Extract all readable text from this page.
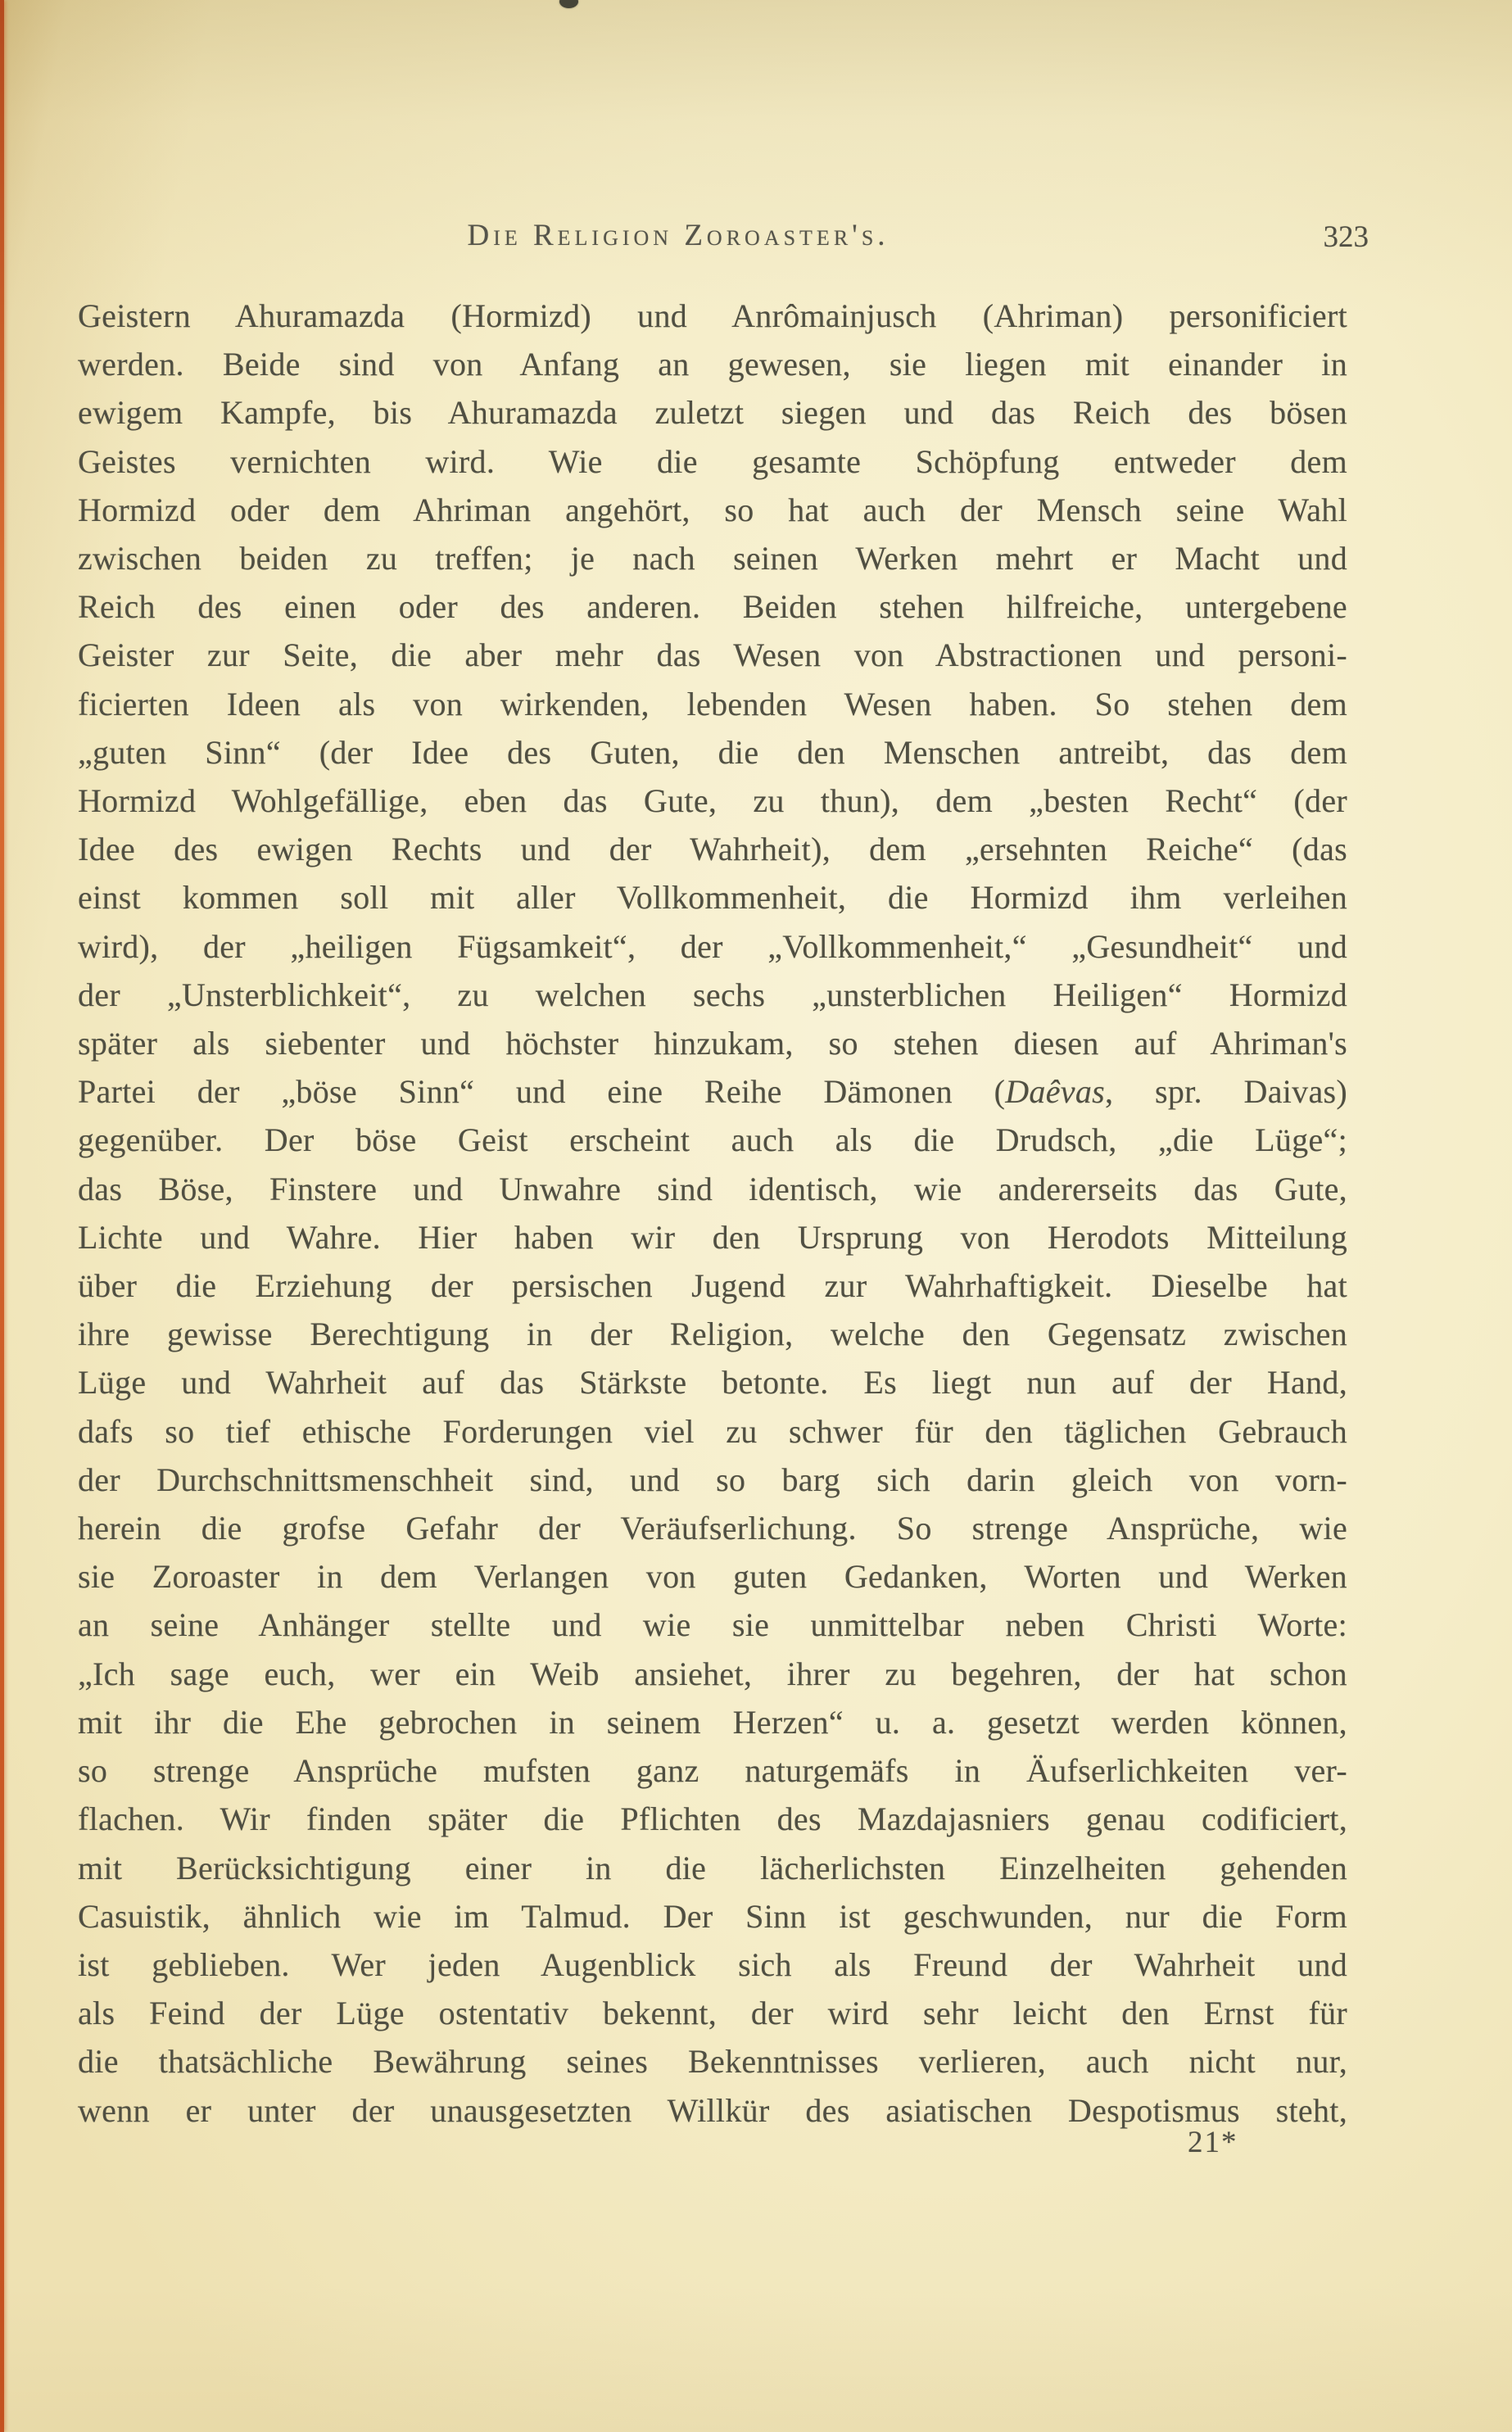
Die Religion Zoroaster's.	323
Geistern Ahuramazda (Hormizd) und Anrômainjusch (Ahriman) personificiert
werden. Beide sind von Anfang an gewesen, sie liegen mit einander in
ewigem Kampfe, bis Ahuramazda zuletzt siegen und das Reich des bösen
Geistes vernichten wird. Wie die gesamte Schöpfung entweder dem
Hormizd oder dem Ahriman angehört, so hat auch der Mensch seine Wahl
zwischen beiden zu treffen; je nach seinen Werken mehrt er Macht und
Reich des einen oder des anderen. Beiden stehen hilfreiche, untergebene
Geister zur Seite, die aber mehr das Wesen von Abstractionen und personi-
ficierten Ideen als von wirkenden, lebenden Wesen haben. So stehen dem
„guten Sinn“ (der Idee des Guten, die den Menschen antreibt, das dem
Hormizd Wohlgefällige, eben das Gute, zu thun), dem „besten Recht“ (der
Idee des ewigen Rechts und der Wahrheit), dem „ersehnten Reiche“ (das
einst kommen soll mit aller Vollkommenheit, die Hormizd ihm verleihen
wird), der „heiligen Fügsamkeit“, der „Vollkommenheit,“ „Gesundheit“ und
der „Unsterblichkeit“, zu welchen sechs „unsterblichen Heiligen“ Hormizd
später als siebenter und höchster hinzukam, so stehen diesen auf Ahriman's
Partei der „böse Sinn“ und eine Reihe Dämonen (Daêvas, spr. Daivas)
gegenüber. Der böse Geist erscheint auch als die Drudsch, „die Lüge“;
das Böse, Finstere und Unwahre sind identisch, wie andererseits das Gute,
Lichte und Wahre. Hier haben wir den Ursprung von Herodots Mitteilung
über die Erziehung der persischen Jugend zur Wahrhaftigkeit. Dieselbe hat
ihre gewisse Berechtigung in der Religion, welche den Gegensatz zwischen
Lüge und Wahrheit auf das Stärkste betonte. Es liegt nun auf der Hand,
dafs so tief ethische Forderungen viel zu schwer für den täglichen Gebrauch
der Durchschnittsmenschheit sind, und so barg sich darin gleich von vorn-
herein die grofse Gefahr der Veräufserlichung. So strenge Ansprüche, wie
sie Zoroaster in dem Verlangen von guten Gedanken, Worten und Werken
an seine Anhänger stellte und wie sie unmittelbar neben Christi Worte:
„Ich sage euch, wer ein Weib ansiehet, ihrer zu begehren, der hat schon
mit ihr die Ehe gebrochen in seinem Herzen“ u. a. gesetzt werden können,
so strenge Ansprüche mufsten ganz naturgemäfs in Äufserlichkeiten ver-
flachen. Wir finden später die Pflichten des Mazdajasniers genau codificiert,
mit Berücksichtigung einer in die lächerlichsten Einzelheiten gehenden
Casuistik, ähnlich wie im Talmud. Der Sinn ist geschwunden, nur die Form
ist geblieben. Wer jeden Augenblick sich als Freund der Wahrheit und
als Feind der Lüge ostentativ bekennt, der wird sehr leicht den Ernst für
die thatsächliche Bewährung seines Bekenntnisses verlieren, auch nicht nur,
wenn er unter der unausgesetzten Willkür des asiatischen Despotismus steht,
21*
